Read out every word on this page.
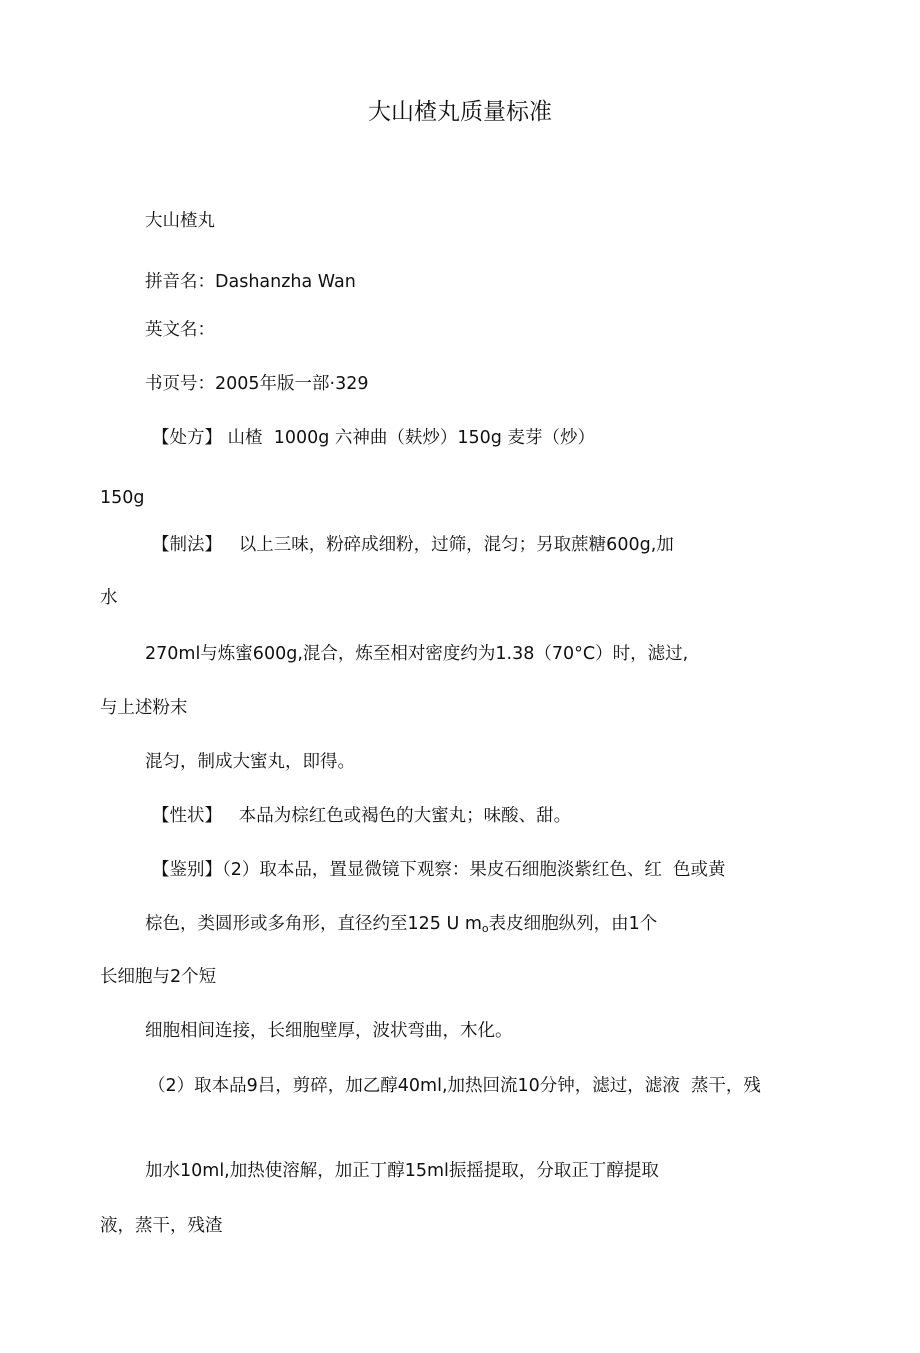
大山楂丸质量标准
大山楂丸
拼音名：Dashanzha Wan
英文名：
书页号：2005年版一部·329
【处方】 山楂  1000g 六神曲（麸炒）150g 麦芽（炒）
150g
【制法】   以上三味，粉碎成细粉，过筛，混匀；另取蔗糖600g,加
水
270ml与炼蜜600g,混合，炼至相对密度约为1.38（70°C）时，滤过,
与上述粉末
混匀，制成大蜜丸，即得。
【性状】   本品为棕红色或褐色的大蜜丸；味酸、甜。
【鉴别】（2）取本品，置显微镜下观察：果皮石细胞淡紫红色、红  色或黄
棕色，类圆形或多角形，直径约至125 U $m_o$表皮细胞纵列，由1个
长细胞与2个短
细胞相间连接，长细胞壁厚，波状弯曲，木化。
（2）取本品9吕，剪碎，加乙醇40ml,加热回流10分钟，滤过，滤液  蒸干，残
加水10ml,加热使溶解，加正丁醇15ml振摇提取，分取正丁醇提取
液，蒸干，残渣
